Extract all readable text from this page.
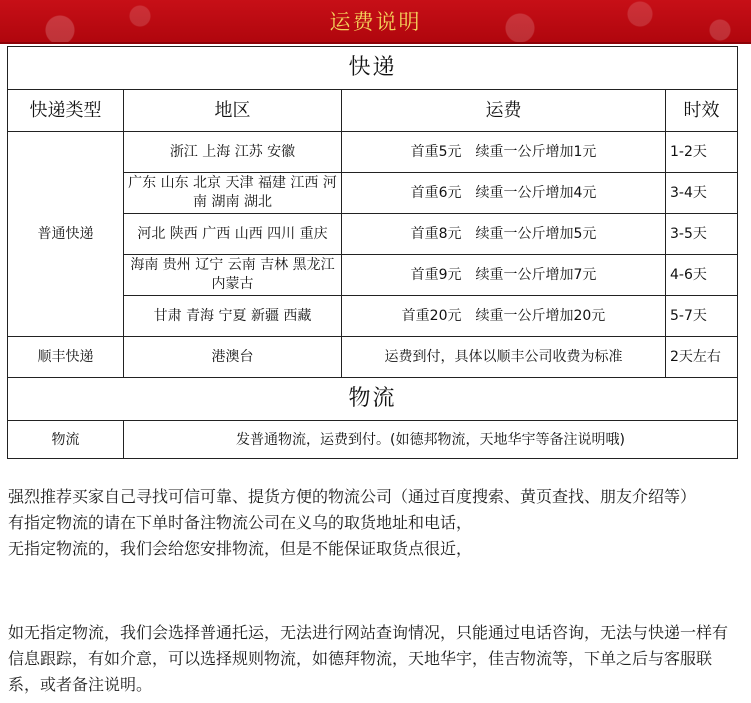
运费说明
快递			
快递类型	地区	运费	时效
普通快递	浙江 上海 江苏 安徽	首重5元　续重一公斤增加1元	1-2天
	广东 山东 北京 天津 福建 江西 河南 湖南 湖北	首重6元　续重一公斤增加4元	3-4天
	河北 陕西 广西 山西 四川 重庆	首重8元　续重一公斤增加5元	3-5天
	海南 贵州 辽宁 云南 吉林 黑龙江 内蒙古	首重9元　续重一公斤增加7元	4-6天
	甘肃 青海 宁夏 新疆 西藏	首重20元　续重一公斤增加20元	5-7天
顺丰快递	港澳台	运费到付，具体以顺丰公司收费为标准	2天左右
物流			
物流	发普通物流，运费到付。(如德邦物流，天地华宇等备注说明哦)		

强烈推荐买家自己寻找可信可靠、提货方便的物流公司（通过百度搜索、黄页查找、朋友介绍等）

有指定物流的请在下单时备注物流公司在义乌的取货地址和电话，

无指定物流的，我们会给您安排物流，但是不能保证取货点很近，

如无指定物流，我们会选择普通托运，无法进行网站查询情况，只能通过电话咨询，无法与快递一样有信息跟踪，有如介意，可以选择规则物流，如德拜物流，天地华宇，佳吉物流等，下单之后与客服联系，或者备注说明。
